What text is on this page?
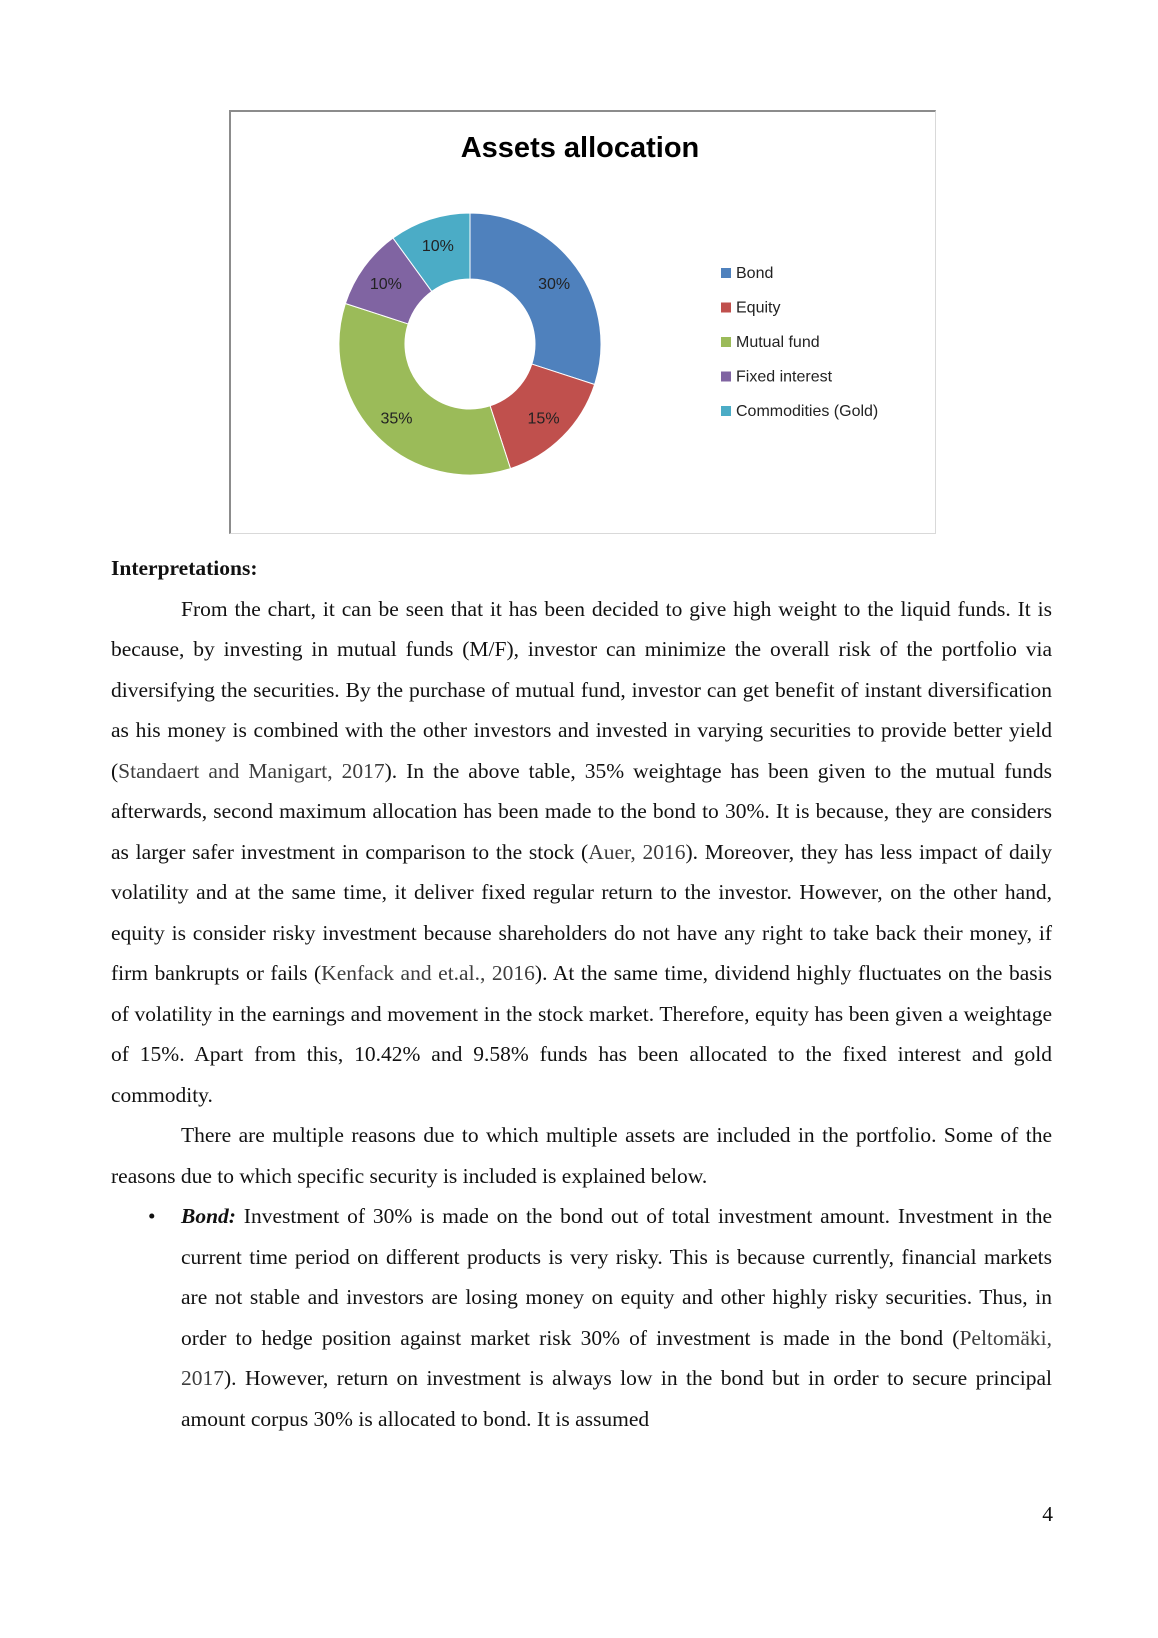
Assets allocation
30%
15%
35%
10%
10%
Bond
Equity
Mutual fund
Fixed interest
Commodities (Gold)

Interpretations:

From the chart, it can be seen that it has been decided to give high weight to the liquid funds. It is because, by investing in mutual funds (M/F), investor can minimize the overall risk of the portfolio via diversifying the securities. By the purchase of mutual fund, investor can get benefit of instant diversification as his money is combined with the other investors and invested in varying securities to provide better yield (Standaert and Manigart, 2017). In the above table, 35% weightage has been given to the mutual funds afterwards, second maximum allocation has been made to the bond to 30%. It is because, they are considers as larger safer investment in comparison to the stock (Auer, 2016). Moreover, they has less impact of daily volatility and at the same time, it deliver fixed regular return to the investor. However, on the other hand, equity is consider risky investment because shareholders do not have any right to take back their money, if firm bankrupts or fails (Kenfack and et.al., 2016). At the same time, dividend highly fluctuates on the basis of volatility in the earnings and movement in the stock market. Therefore, equity has been given a weightage of 15%. Apart from this, 10.42% and 9.58% funds has been allocated to the fixed interest and gold commodity.

There are multiple reasons due to which multiple assets are included in the portfolio. Some of the reasons due to which specific security is included is explained below.

• Bond: Investment of 30% is made on the bond out of total investment amount. Investment in the current time period on different products is very risky. This is because currently, financial markets are not stable and investors are losing money on equity and other highly risky securities. Thus, in order to hedge position against market risk 30% of investment is made in the bond (Peltomäki, 2017). However, return on investment is always low in the bond but in order to secure principal amount corpus 30% is allocated to bond. It is assumed
4
